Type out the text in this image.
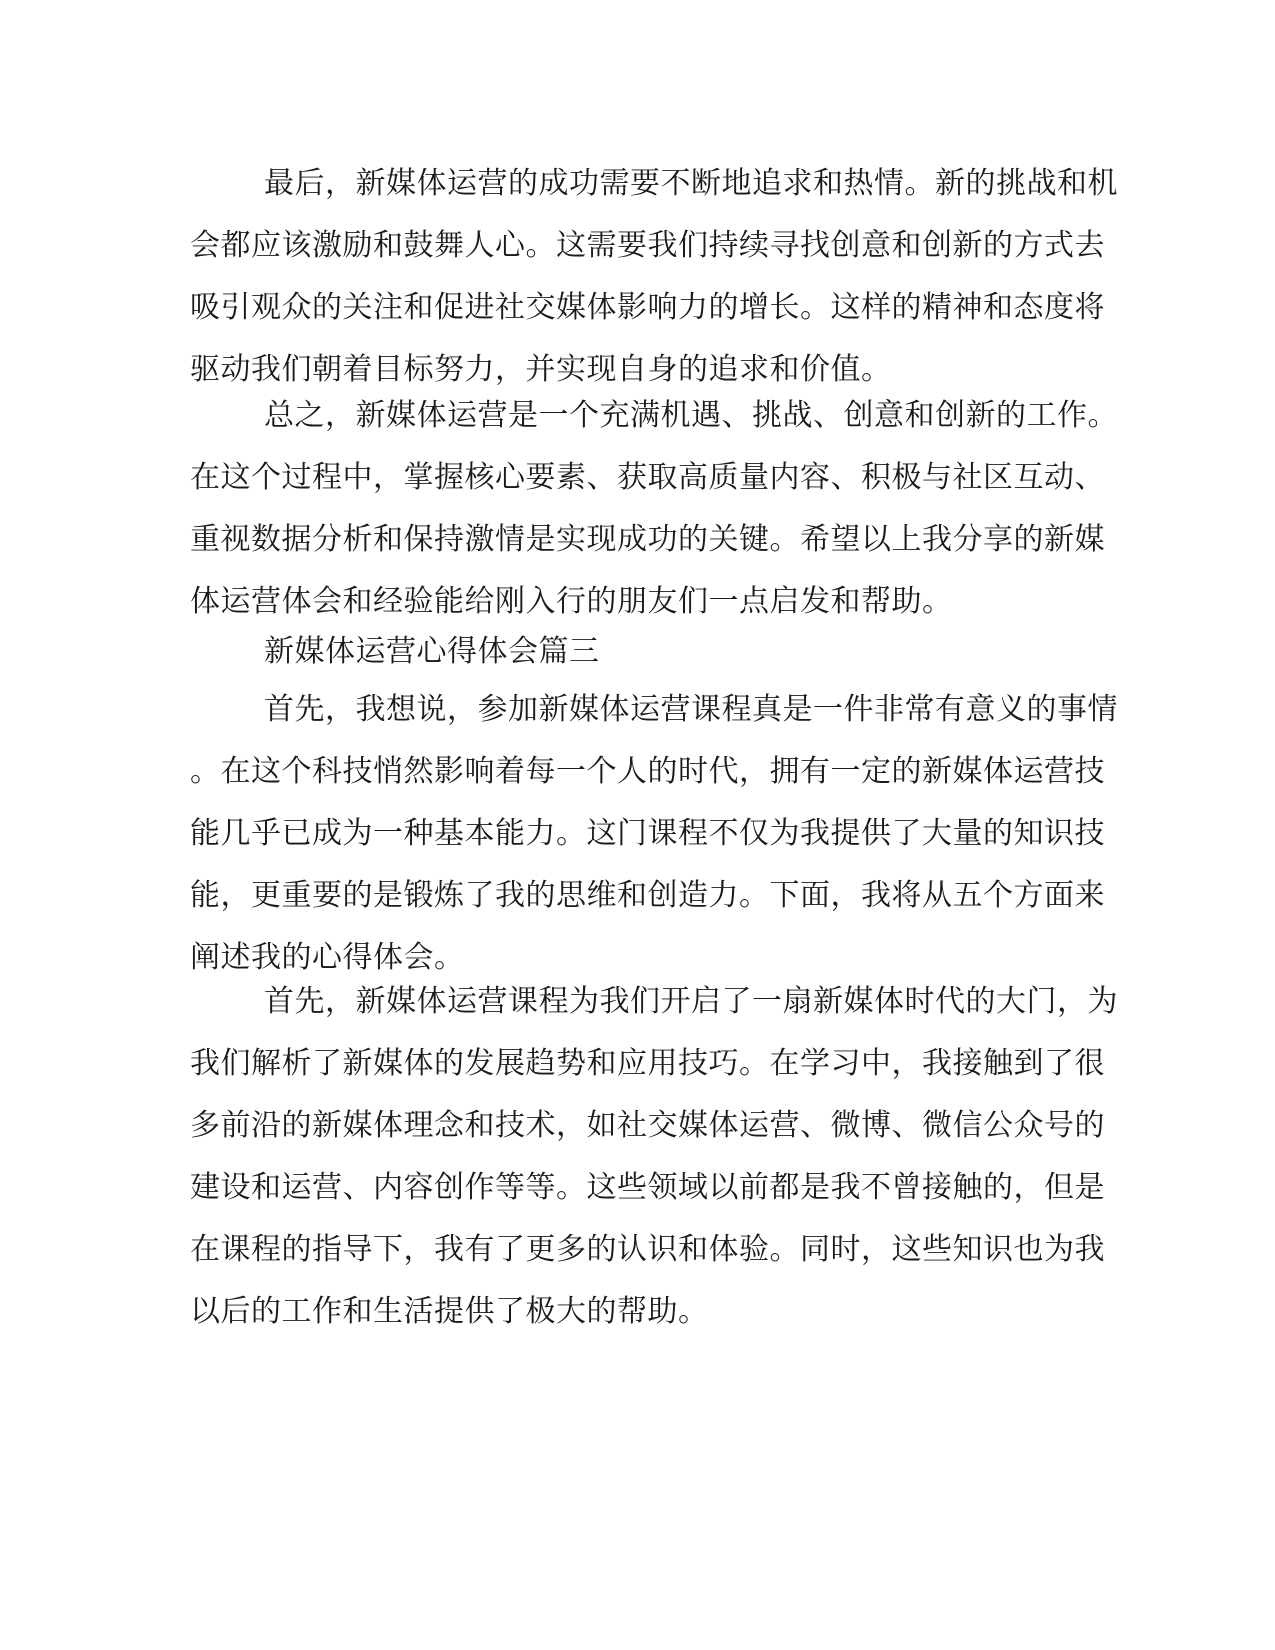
最后，新媒体运营的成功需要不断地追求和热情。新的挑战和机
会都应该激励和鼓舞人心。这需要我们持续寻找创意和创新的方式去
吸引观众的关注和促进社交媒体影响力的增长。这样的精神和态度将
驱动我们朝着目标努力，并实现自身的追求和价值。
总之，新媒体运营是一个充满机遇、挑战、创意和创新的工作。
在这个过程中，掌握核心要素、获取高质量内容、积极与社区互动、
重视数据分析和保持激情是实现成功的关键。希望以上我分享的新媒
体运营体会和经验能给刚入行的朋友们一点启发和帮助。
新媒体运营心得体会篇三
首先，我想说，参加新媒体运营课程真是一件非常有意义的事情
。在这个科技悄然影响着每一个人的时代，拥有一定的新媒体运营技
能几乎已成为一种基本能力。这门课程不仅为我提供了大量的知识技
能，更重要的是锻炼了我的思维和创造力。下面，我将从五个方面来
阐述我的心得体会。
首先，新媒体运营课程为我们开启了一扇新媒体时代的大门，为
我们解析了新媒体的发展趋势和应用技巧。在学习中，我接触到了很
多前沿的新媒体理念和技术，如社交媒体运营、微博、微信公众号的
建设和运营、内容创作等等。这些领域以前都是我不曾接触的，但是
在课程的指导下，我有了更多的认识和体验。同时，这些知识也为我
以后的工作和生活提供了极大的帮助。
